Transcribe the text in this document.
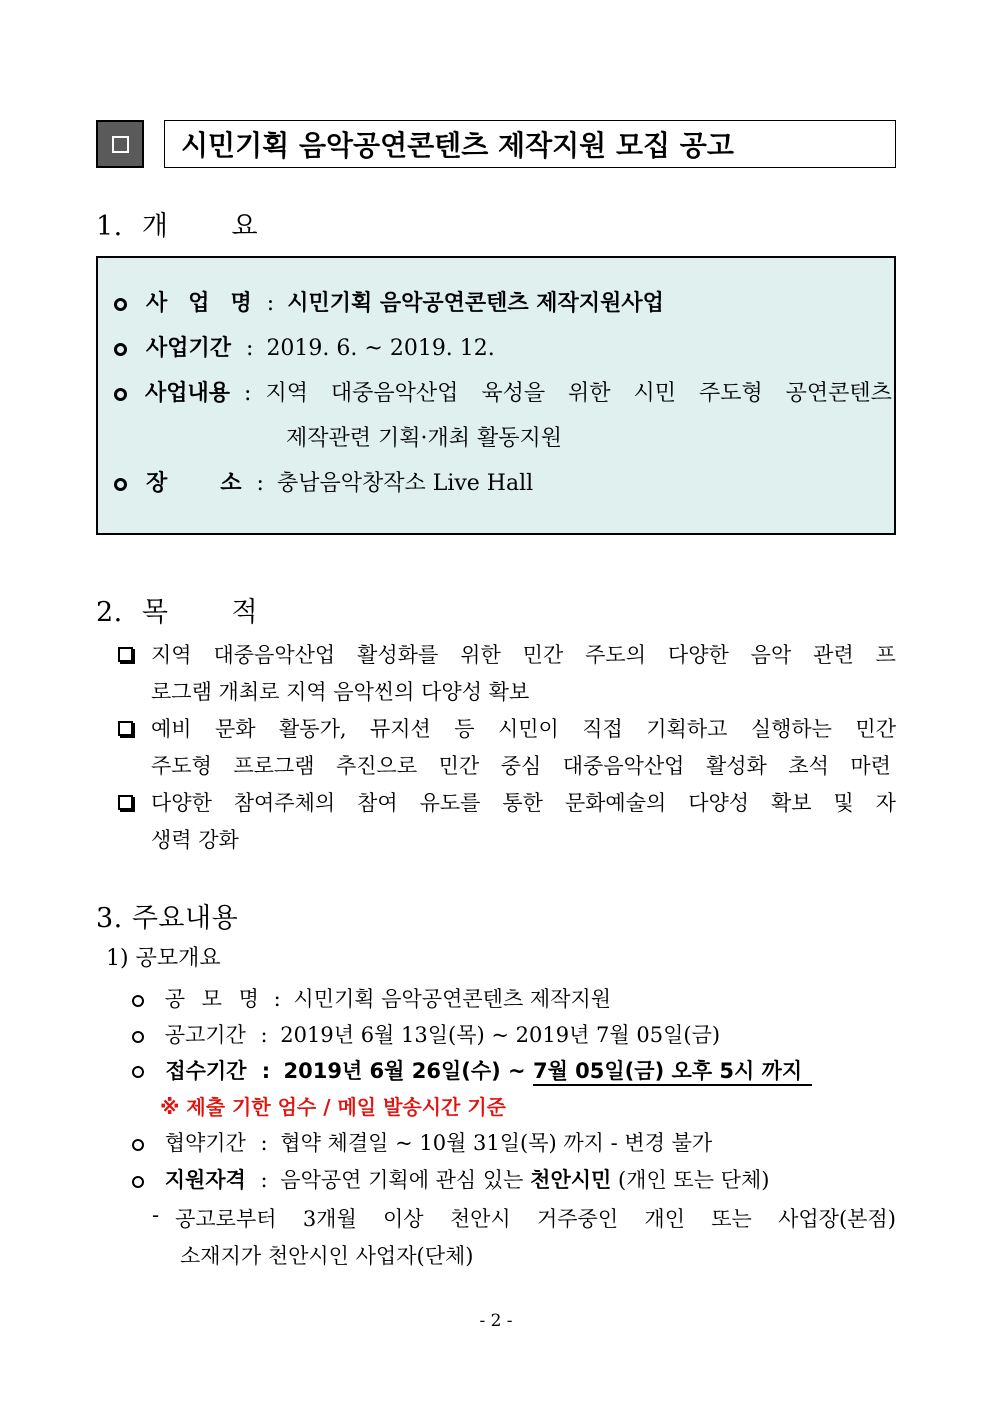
시민기획 음악공연콘텐츠 제작지원 모집 공고
1. 개 요
사 업 명 : 시민기획 음악공연콘텐츠 제작지원사업
사업기간 : 2019. 6. ~ 2019. 12.
사업내용 : 지역 대중음악산업 육성을 위한 시민 주도형 공연콘텐츠
제작관련 기획·개최 활동지원
장 소 : 충남음악창작소 Live Hall
2. 목 적
지역 대중음악산업 활성화를 위한 민간 주도의 다양한 음악 관련 프
로그램 개최로 지역 음악씬의 다양성 확보
예비 문화 활동가, 뮤지션 등 시민이 직접 기획하고 실행하는 민간
주도형 프로그램 추진으로 민간 중심 대중음악산업 활성화 초석 마련
다양한 참여주체의 참여 유도를 통한 문화예술의 다양성 확보 및 자
생력 강화
3. 주요내용
1) 공모개요
공 모 명 : 시민기획 음악공연콘텐츠 제작지원
공고기간 : 2019년 6월 13일(목) ~ 2019년 7월 05일(금)
접수기간 : 2019년 6월 26일(수) ~ 7월 05일(금) 오후 5시 까지
※ 제출 기한 엄수 / 메일 발송시간 기준
협약기간 : 협약 체결일 ~ 10월 31일(목) 까지 - 변경 불가
지원자격 : 음악공연 기획에 관심 있는 천안시민 (개인 또는 단체)
- 공고로부터 3개월 이상 천안시 거주중인 개인 또는 사업장(본점)
소재지가 천안시인 사업자(단체)
- 2 -
